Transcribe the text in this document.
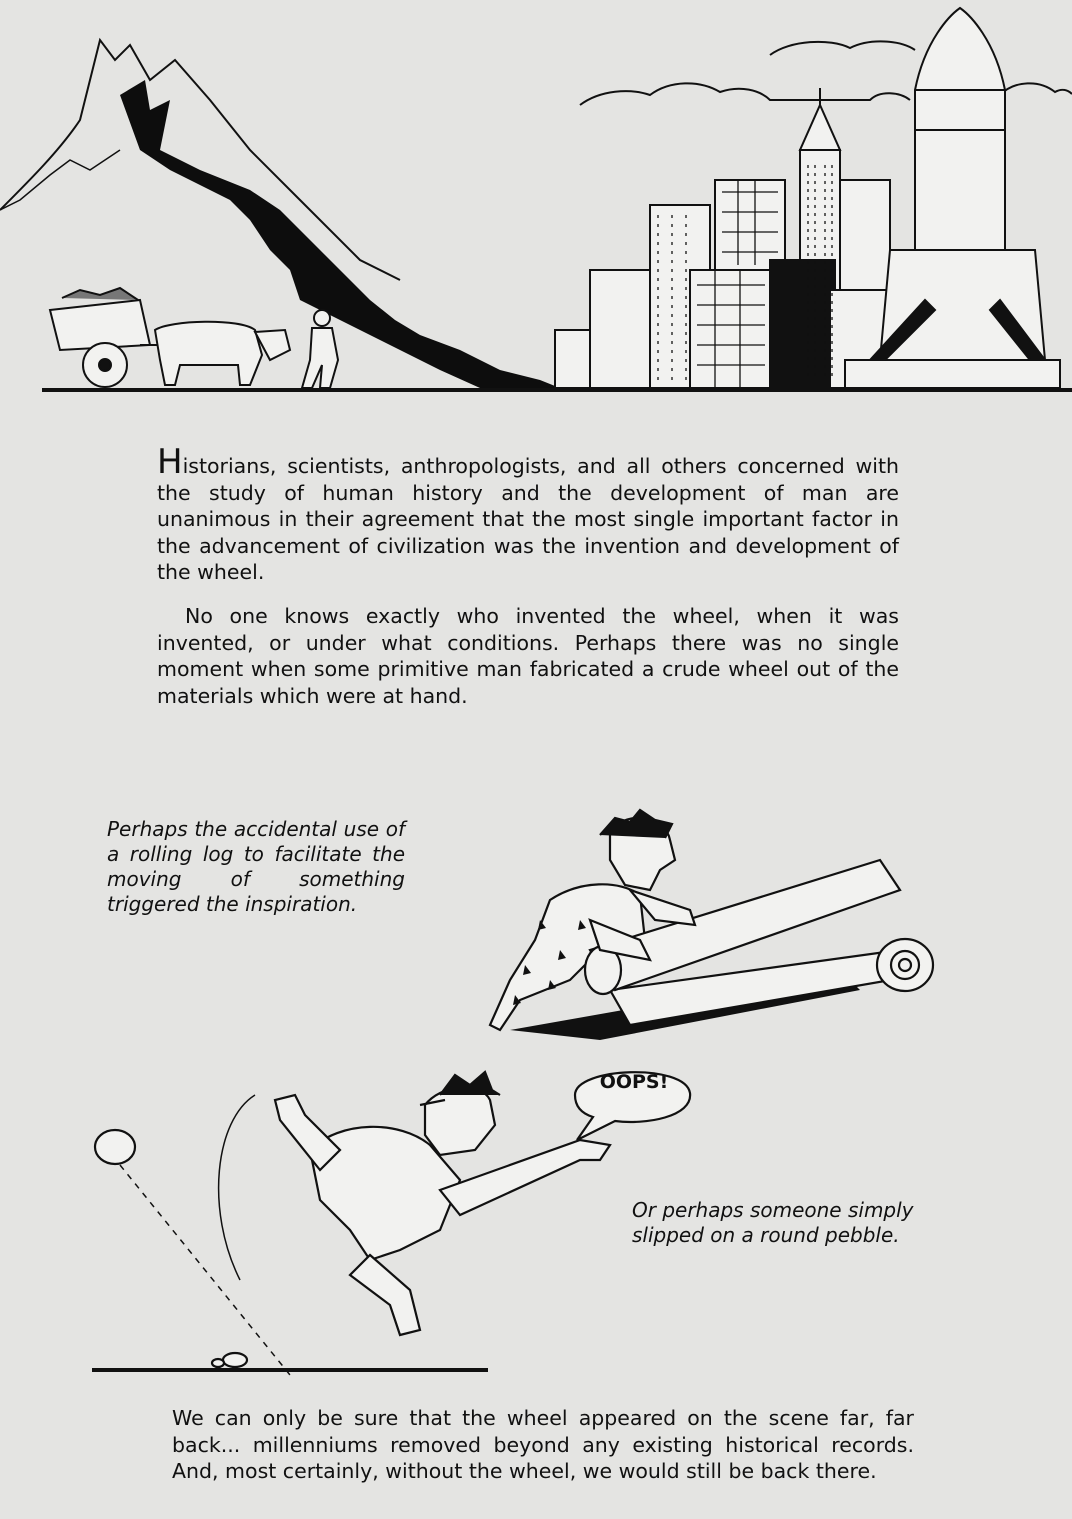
Historians, scientists, anthropologists, and all others concerned with the study of human history and the development of man are unanimous in their agreement that the most single important factor in the advancement of civilization was the invention and development of the wheel.

No one knows exactly who invented the wheel, when it was invented, or under what conditions. Perhaps there was no single moment when some primitive man fabricated a crude wheel out of the materials which were at hand.

Perhaps the accidental use of a rolling log to facilitate the moving of something triggered the inspiration.

OOPS!

Or perhaps someone simply slipped on a round pebble.

We can only be sure that the wheel appeared on the scene far, far back... millenniums removed beyond any existing historical records. And, most certainly, without the wheel, we would still be back there.
